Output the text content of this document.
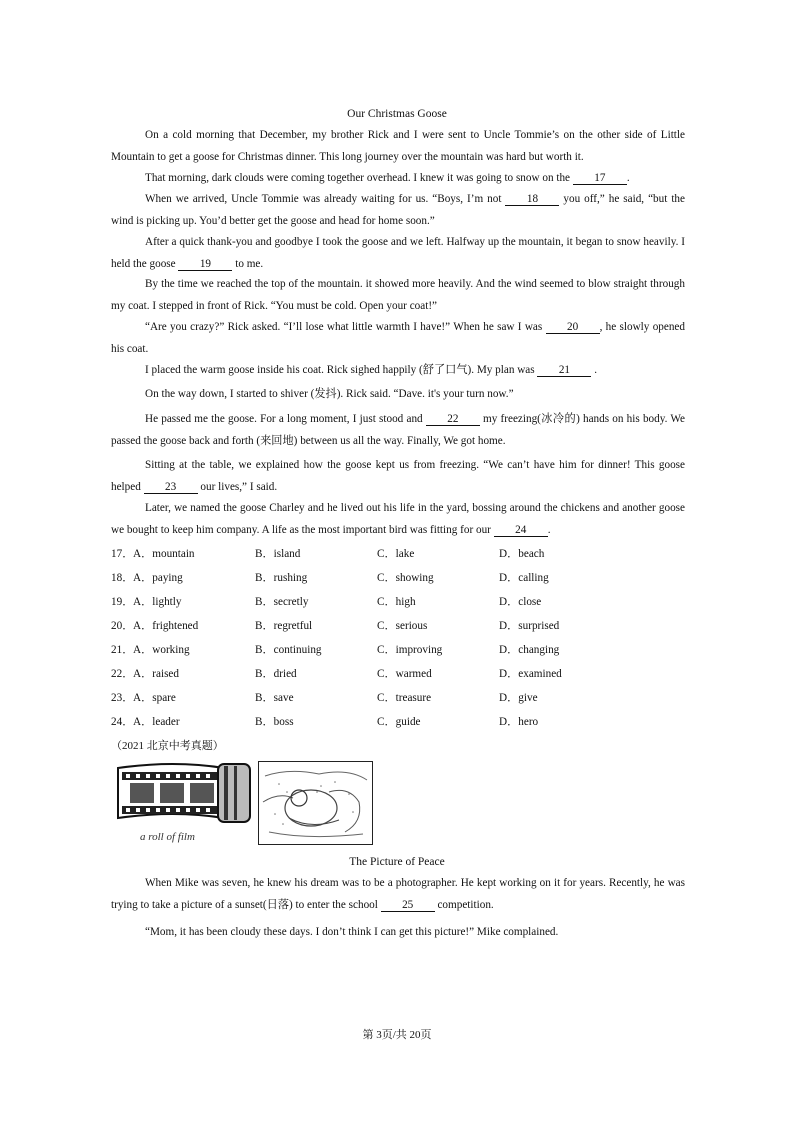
Our Christmas Goose

On a cold morning that December, my brother Rick and I were sent to Uncle Tommie’s on the other side of Little Mountain to get a goose for Christmas dinner. This long journey over the mountain was hard but worth it.

That morning, dark clouds were coming together overhead. I knew it was going to snow on the 17 .

When we arrived, Uncle Tommie was already waiting for us. “Boys, I’m not 18 you off,” he said, “but the wind is picking up. You’d better get the goose and head for home soon.”

After a quick thank-you and goodbye I took the goose and we left. Halfway up the mountain, it began to snow heavily. I held the goose 19 to me.

By the time we reached the top of the mountain. it showed more heavily. And the wind seemed to blow straight through my coat. I stepped in front of Rick. “You must be cold. Open your coat!”

“Are you crazy?” Rick asked. “I’ll lose what little warmth I have!” When he saw I was 20 , he slowly opened his coat.

I placed the warm goose inside his coat. Rick sighed happily (舒了口气). My plan was 21 .

On the way down, I started to shiver (发抖). Rick said. “Dave. it's your turn now.”

He passed me the goose. For a long moment, I just stood and 22 my freezing(冰冷的) hands on his body. We passed the goose back and forth (来回地) between us all the way. Finally, We got home.

Sitting at the table, we explained how the goose kept us from freezing. “We can’t have him for dinner! This goose helped 23 our lives,” I said.

Later, we named the goose Charley and he lived out his life in the yard, bossing around the chickens and another goose we bought to keep him company. A life as the most important bird was fitting for our 24 .

17． A．mountain	B．island	C．lake	D．beach
18． A．paying	B．rushing	C．showing	D．calling
19． A．lightly	B．secretly	C．high	D．close
20． A．frightened	B．regretful	C．serious	D．surprised
21． A．working	B．continuing	C．improving	D．changing
22． A．raised	B．dried	C．warmed	D．examined
23． A．spare	B．save	C．treasure	D．give
24． A．leader	B．boss	C．guide	D．hero
（2021 北京中考真题）
a roll of film
The Picture of Peace

When Mike was seven, he knew his dream was to be a photographer. He kept working on it for years. Recently, he was trying to take a picture of a sunset(日落) to enter the school 25 competition.

“Mom, it has been cloudy these days. I don’t think I can get this picture!” Mike complained.

第 3页/共 20页
